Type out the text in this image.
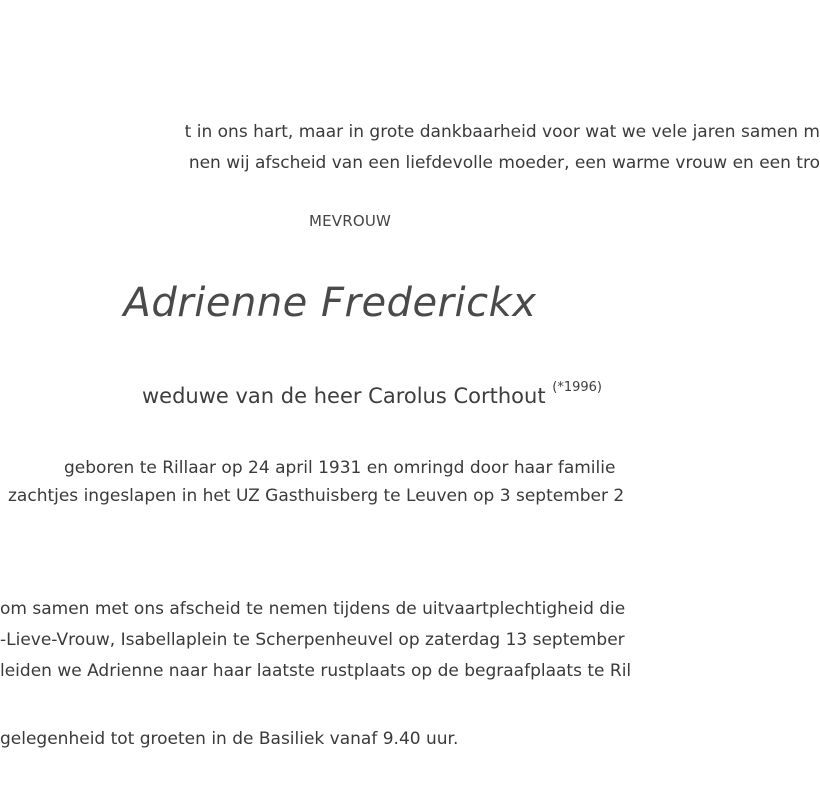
t in ons hart, maar in grote dankbaarheid voor wat we vele jaren samen m
nen wij afscheid van een liefdevolle moeder, een warme vrouw en een tro
MEVROUW
Adrienne Frederickx
weduwe van de heer Carolus Corthout $^{(*1996)}$
geboren te Rillaar op 24 april 1931 en omringd door haar familie
zachtjes ingeslapen in het UZ Gasthuisberg te Leuven op 3 september 2
om samen met ons afscheid te nemen tijdens de uitvaartplechtigheid die
-Lieve-Vrouw, Isabellaplein te Scherpenheuvel op zaterdag 13 september
leiden we Adrienne naar haar laatste rustplaats op de begraafplaats te Ril
gelegenheid tot groeten in de Basiliek vanaf 9.40 uur.
